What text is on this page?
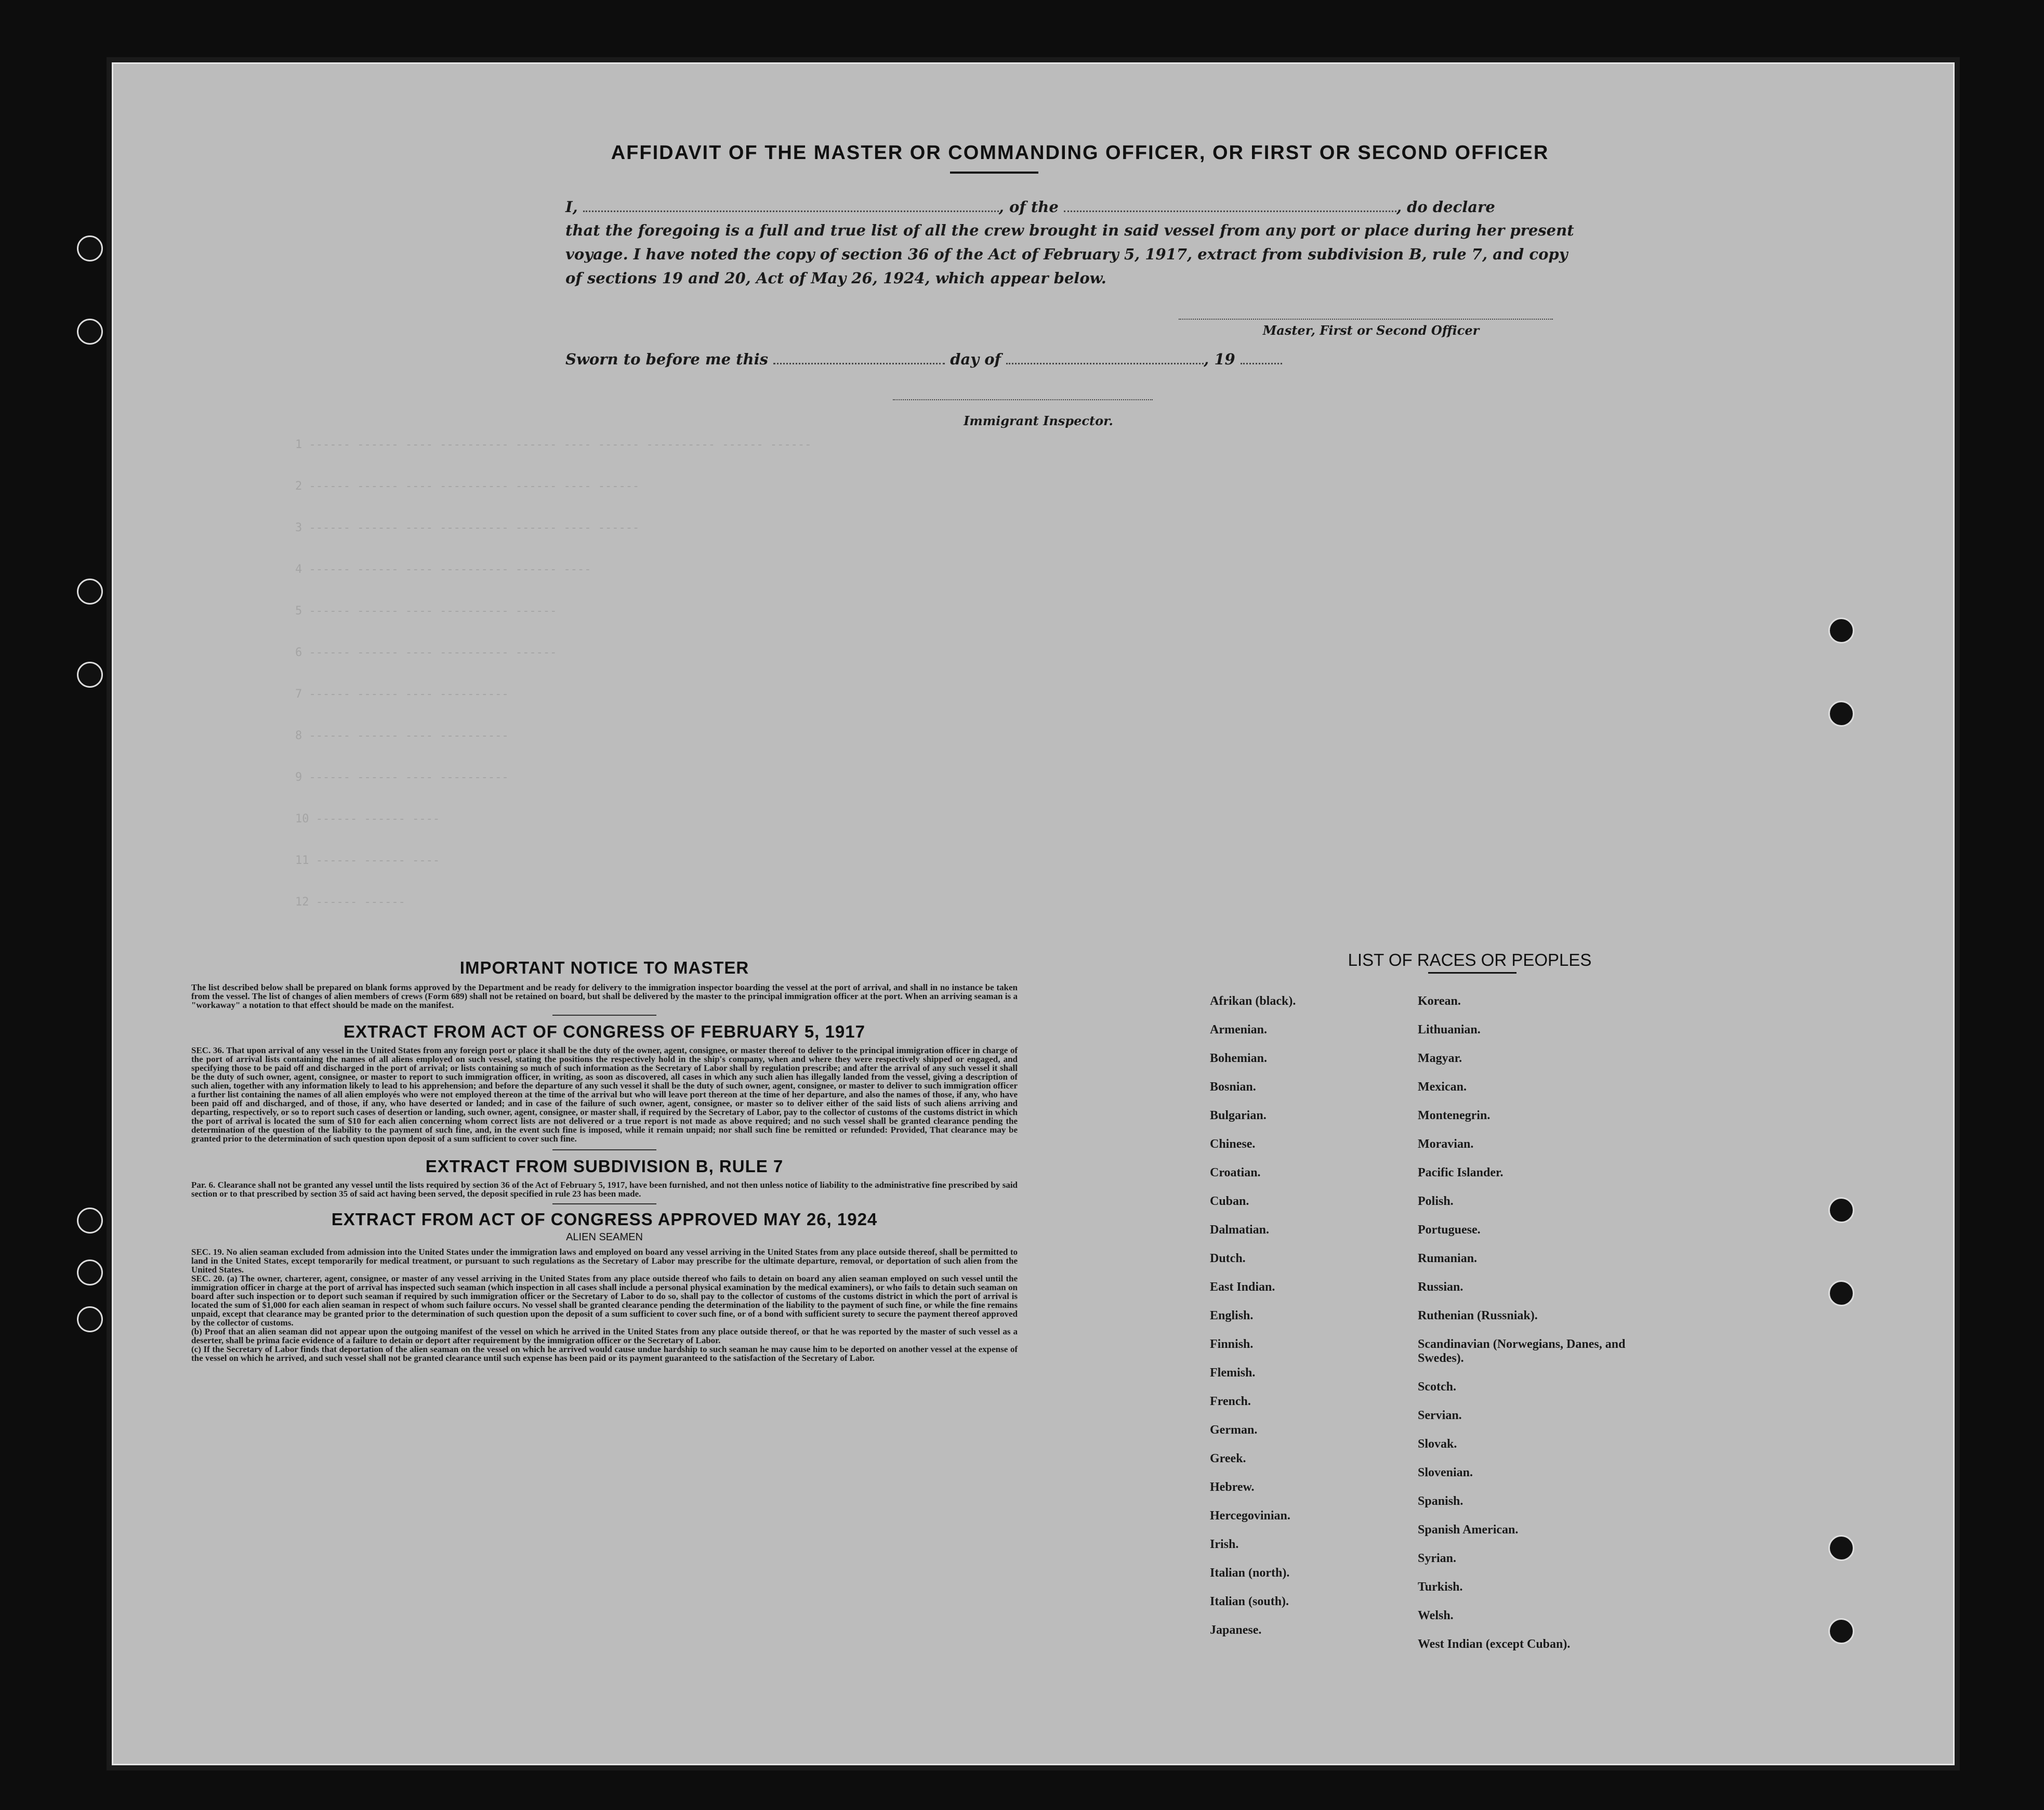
1 ------ ------ ---- ---------- ------ ---- ------ ---------- ------ ------
2 ------ ------ ---- ---------- ------ ---- ------
3 ------ ------ ---- ---------- ------ ---- ------
4 ------ ------ ---- ---------- ------ ----
5 ------ ------ ---- ---------- ------
6 ------ ------ ---- ---------- ------
7 ------ ------ ---- ----------
8 ------ ------ ---- ----------
9 ------ ------ ---- ----------
10 ------ ------ ----
11 ------ ------ ----
12 ------ ------
AFFIDAVIT OF THE MASTER OR COMMANDING OFFICER, OR FIRST OR SECOND OFFICER
I,	, of the	, do declare
that the foregoing is a full and true list of all the crew brought in said vessel from any port or place during her present
voyage. I have noted the copy of section 36 of the Act of February 5, 1917, extract from subdivision B, rule 7, and copy
of sections 19 and 20, Act of May 26, 1924, which appear below.
Master, First or Second Officer
Sworn to before me this	day of	, 19
Immigrant Inspector.
IMPORTANT NOTICE TO MASTER
The list described below shall be prepared on blank forms approved by the Department and be ready for delivery to the immigration inspector boarding the vessel at the port of arrival, and shall in no instance be taken from the vessel. The list of changes of alien members of crews (Form 689) shall not be retained on board, but shall be delivered by the master to the principal immigration officer at the port. When an arriving seaman is a "workaway" a notation to that effect should be made on the manifest.
EXTRACT FROM ACT OF CONGRESS OF FEBRUARY 5, 1917
SEC. 36. That upon arrival of any vessel in the United States from any foreign port or place it shall be the duty of the owner, agent, consignee, or master thereof to deliver to the principal immigration officer in charge of the port of arrival lists containing the names of all aliens employed on such vessel, stating the positions the respectively hold in the ship's company, when and where they were respectively shipped or engaged, and specifying those to be paid off and discharged in the port of arrival; or lists containing so much of such information as the Secretary of Labor shall by regulation prescribe; and after the arrival of any such vessel it shall be the duty of such owner, agent, consignee, or master to report to such immigration officer, in writing, as soon as discovered, all cases in which any such alien has illegally landed from the vessel, giving a description of such alien, together with any information likely to lead to his apprehension; and before the departure of any such vessel it shall be the duty of such owner, agent, consignee, or master to deliver to such immigration officer a further list containing the names of all alien employés who were not employed thereon at the time of the arrival but who will leave port thereon at the time of her departure, and also the names of those, if any, who have been paid off and discharged, and of those, if any, who have deserted or landed; and in case of the failure of such owner, agent, consignee, or master so to deliver either of the said lists of such aliens arriving and departing, respectively, or so to report such cases of desertion or landing, such owner, agent, consignee, or master shall, if required by the Secretary of Labor, pay to the collector of customs of the customs district in which the port of arrival is located the sum of $10 for each alien concerning whom correct lists are not delivered or a true report is not made as above required; and no such vessel shall be granted clearance pending the determination of the question of the liability to the payment of such fine, and, in the event such fine is imposed, while it remain unpaid; nor shall such fine be remitted or refunded: Provided, That clearance may be granted prior to the determination of such question upon deposit of a sum sufficient to cover such fine.
EXTRACT FROM SUBDIVISION B, RULE 7
Par. 6. Clearance shall not be granted any vessel until the lists required by section 36 of the Act of February 5, 1917, have been furnished, and not then unless notice of liability to the administrative fine prescribed by said section or to that prescribed by section 35 of said act having been served, the deposit specified in rule 23 has been made.
EXTRACT FROM ACT OF CONGRESS APPROVED MAY 26, 1924
ALIEN SEAMEN
SEC. 19. No alien seaman excluded from admission into the United States under the immigration laws and employed on board any vessel arriving in the United States from any place outside thereof, shall be permitted to land in the United States, except temporarily for medical treatment, or pursuant to such regulations as the Secretary of Labor may prescribe for the ultimate departure, removal, or deportation of such alien from the United States.
SEC. 20. (a) The owner, charterer, agent, consignee, or master of any vessel arriving in the United States from any place outside thereof who fails to detain on board any alien seaman employed on such vessel until the immigration officer in charge at the port of arrival has inspected such seaman (which inspection in all cases shall include a personal physical examination by the medical examiners), or who fails to detain such seaman on board after such inspection or to deport such seaman if required by such immigration officer or the Secretary of Labor to do so, shall pay to the collector of customs of the customs district in which the port of arrival is located the sum of $1,000 for each alien seaman in respect of whom such failure occurs. No vessel shall be granted clearance pending the determination of the liability to the payment of such fine, or while the fine remains unpaid, except that clearance may be granted prior to the determination of such question upon the deposit of a sum sufficient to cover such fine, or of a bond with sufficient surety to secure the payment thereof approved by the collector of customs.
(b) Proof that an alien seaman did not appear upon the outgoing manifest of the vessel on which he arrived in the United States from any place outside thereof, or that he was reported by the master of such vessel as a deserter, shall be prima facie evidence of a failure to detain or deport after requirement by the immigration officer or the Secretary of Labor.
(c) If the Secretary of Labor finds that deportation of the alien seaman on the vessel on which he arrived would cause undue hardship to such seaman he may cause him to be deported on another vessel at the expense of the vessel on which he arrived, and such vessel shall not be granted clearance until such expense has been paid or its payment guaranteed to the satisfaction of the Secretary of Labor.
LIST OF RACES OR PEOPLES
Afrikan (black).
Armenian.
Bohemian.
Bosnian.
Bulgarian.
Chinese.
Croatian.
Cuban.
Dalmatian.
Dutch.
East Indian.
English.
Finnish.
Flemish.
French.
German.
Greek.
Hebrew.
Hercegovinian.
Irish.
Italian (north).
Italian (south).
Japanese.
Korean.
Lithuanian.
Magyar.
Mexican.
Montenegrin.
Moravian.
Pacific Islander.
Polish.
Portuguese.
Rumanian.
Russian.
Ruthenian (Russniak).
Scandinavian (Norwegians, Danes, and Swedes).
Scotch.
Servian.
Slovak.
Slovenian.
Spanish.
Spanish American.
Syrian.
Turkish.
Welsh.
West Indian (except Cuban).
